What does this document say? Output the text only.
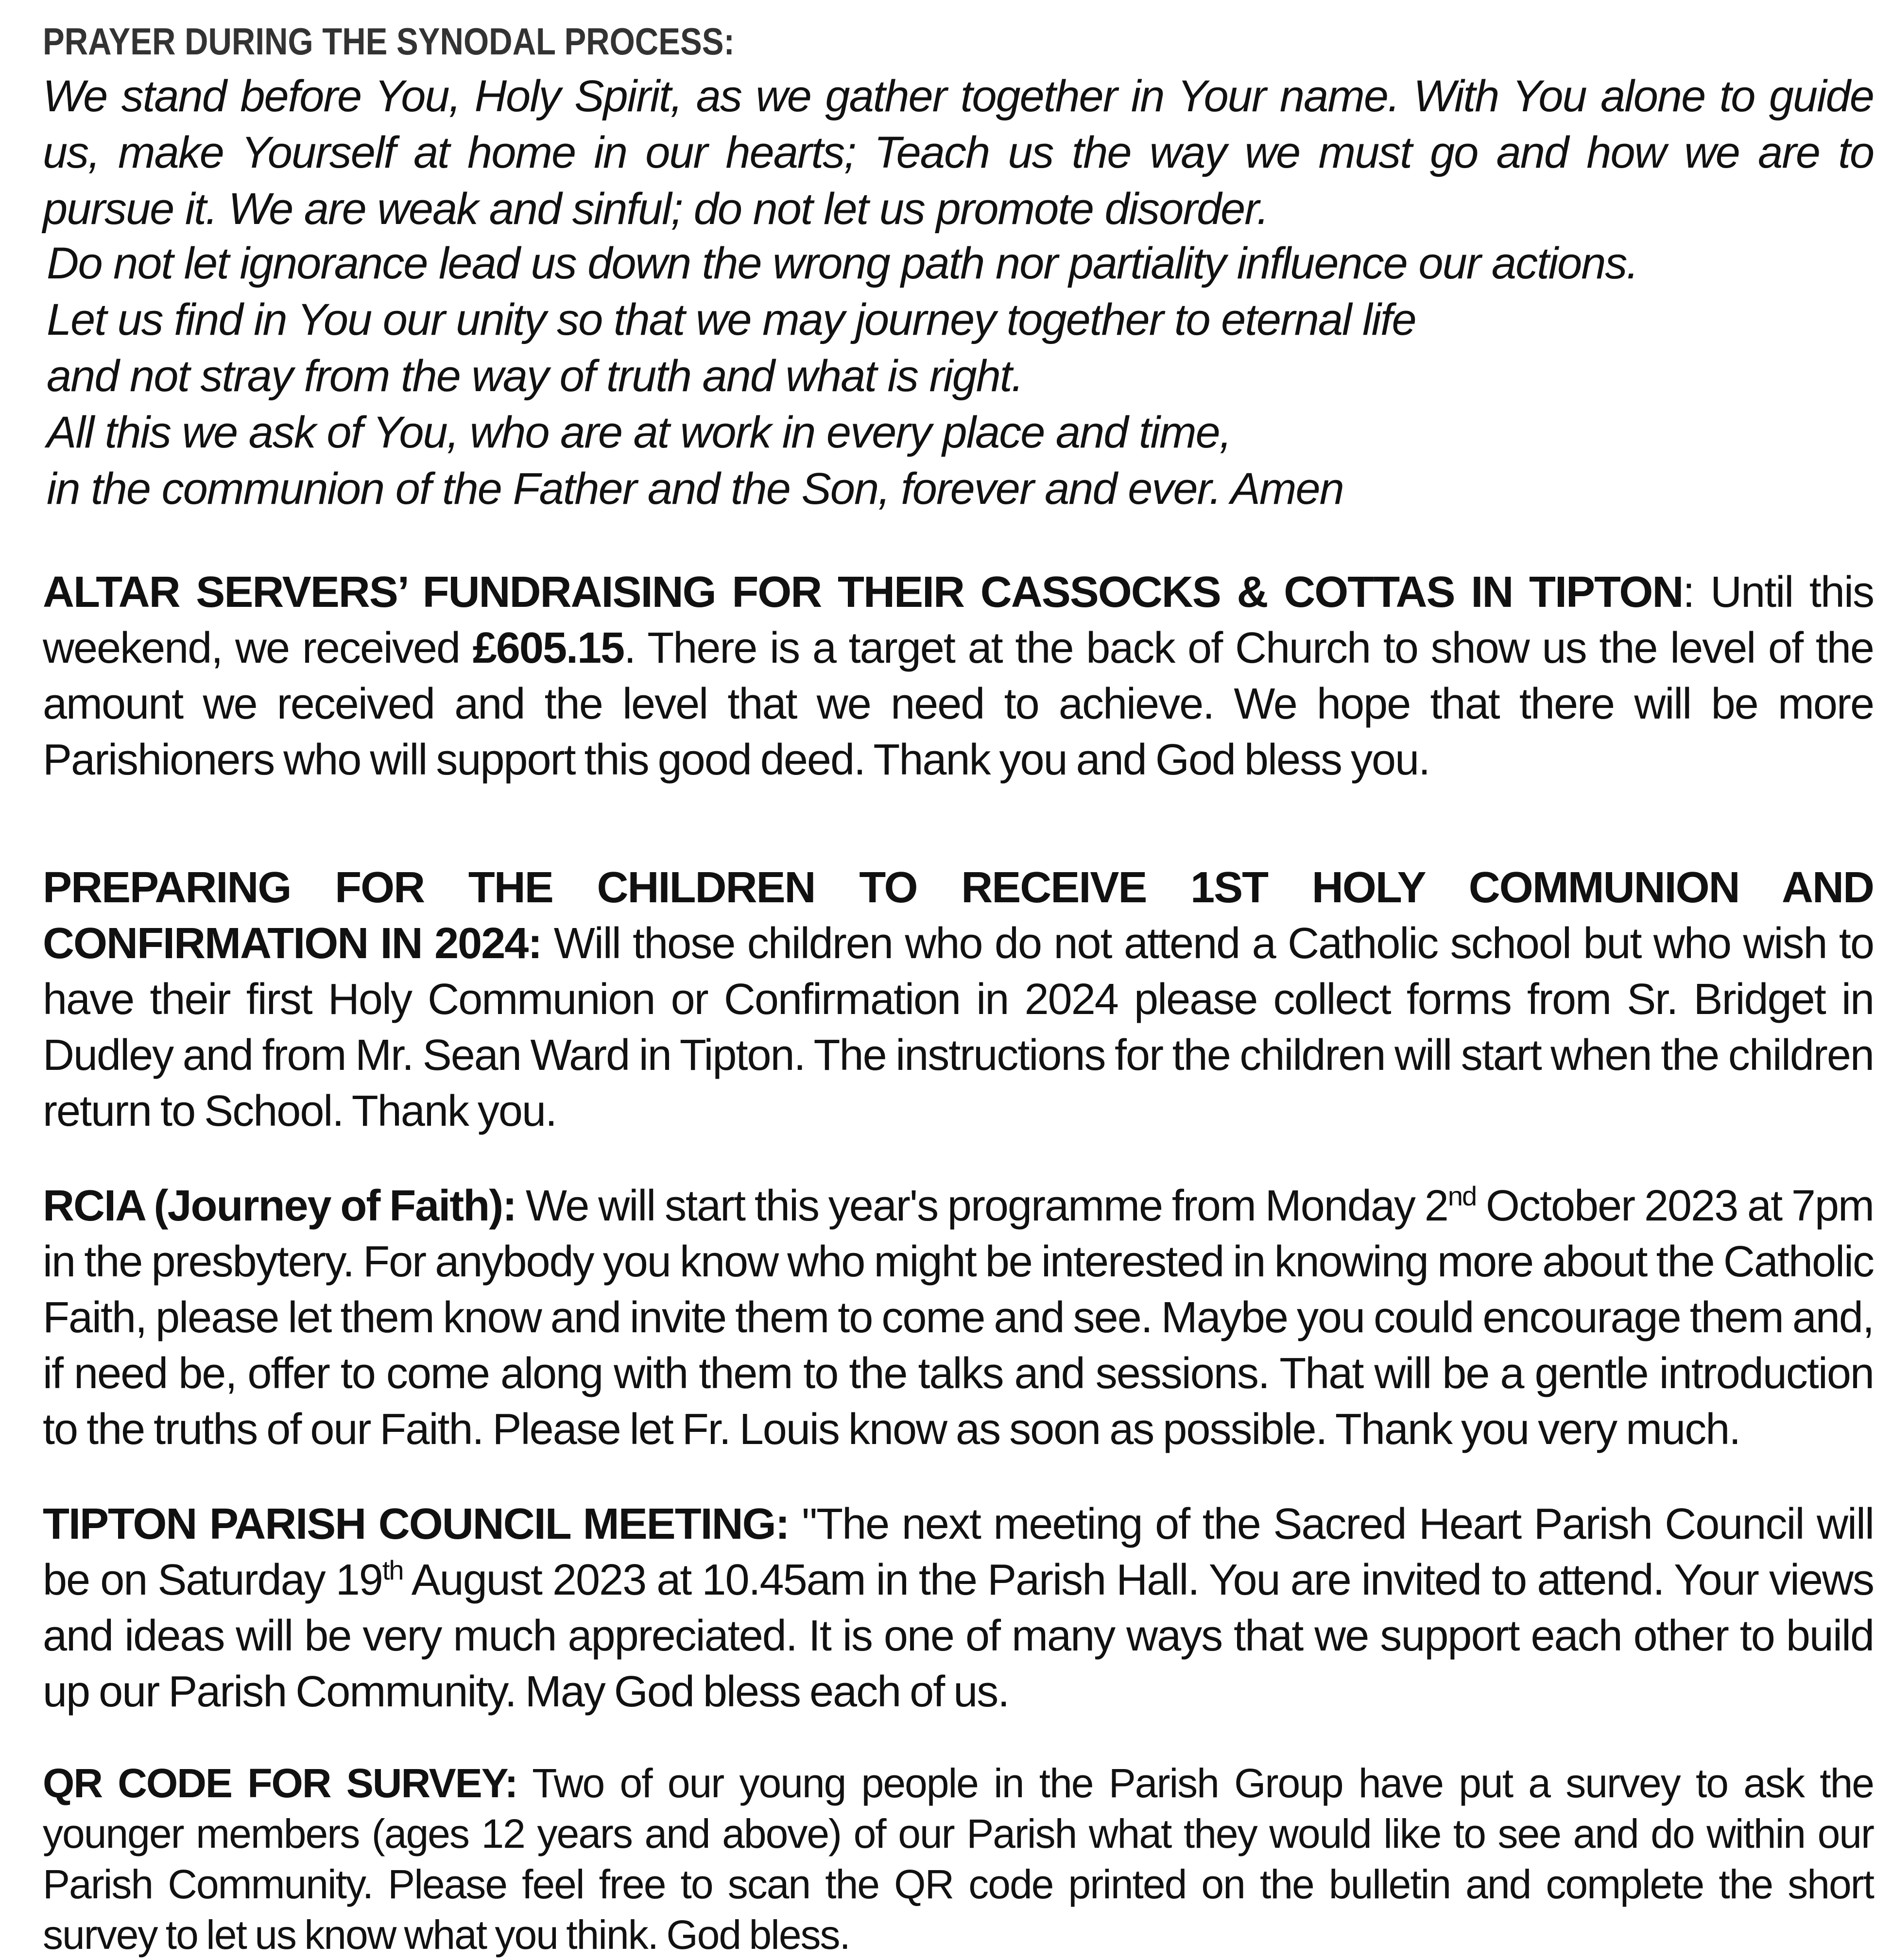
PRAYER DURING THE SYNODAL PROCESS:

We stand before You, Holy Spirit, as we gather together in Your name. With You alone to guide us, make Yourself at home in our hearts; Teach us the way we must go and how we are to pursue it. We are weak and sinful; do not let us promote disorder.

Do not let ignorance lead us down the wrong path nor partiality influence our actions.
Let us find in You our unity so that we may journey together to eternal life
and not stray from the way of truth and what is right.
All this we ask of You, who are at work in every place and time,
in the communion of the Father and the Son, forever and ever. Amen

ALTAR SERVERS’ FUNDRAISING FOR THEIR CASSOCKS & COTTAS IN TIPTON: Until this weekend, we received £605.15. There is a target at the back of Church to show us the level of the amount we received and the level that we need to achieve. We hope that there will be more Parishioners who will support this good deed. Thank you and God bless you.

PREPARING FOR THE CHILDREN TO RECEIVE 1ST HOLY COMMUNION AND CONFIRMATION IN 2024: Will those children who do not attend a Catholic school but who wish to have their first Holy Communion or Confirmation in 2024 please collect forms from Sr. Bridget in Dudley and from Mr. Sean Ward in Tipton. The instructions for the children will start when the children return to School. Thank you.

RCIA (Journey of Faith): We will start this year's programme from Monday 2nd October 2023 at 7pm in the presbytery. For anybody you know who might be interested in knowing more about the Catholic Faith, please let them know and invite them to come and see. Maybe you could encourage them and, if need be, offer to come along with them to the talks and sessions. That will be a gentle introduction to the truths of our Faith. Please let Fr. Louis know as soon as possible. Thank you very much.

TIPTON PARISH COUNCIL MEETING: "The next meeting of the Sacred Heart Parish Council will be on Saturday 19th August 2023 at 10.45am in the Parish Hall. You are invited to attend. Your views and ideas will be very much appreciated. It is one of many ways that we support each other to build up our Parish Community. May God bless each of us.

QR CODE FOR SURVEY: Two of our young people in the Parish Group have put a survey to ask the younger members (ages 12 years and above) of our Parish what they would like to see and do within our Parish Community. Please feel free to scan the QR code printed on the bulletin and complete the short survey to let us know what you think. God bless.
